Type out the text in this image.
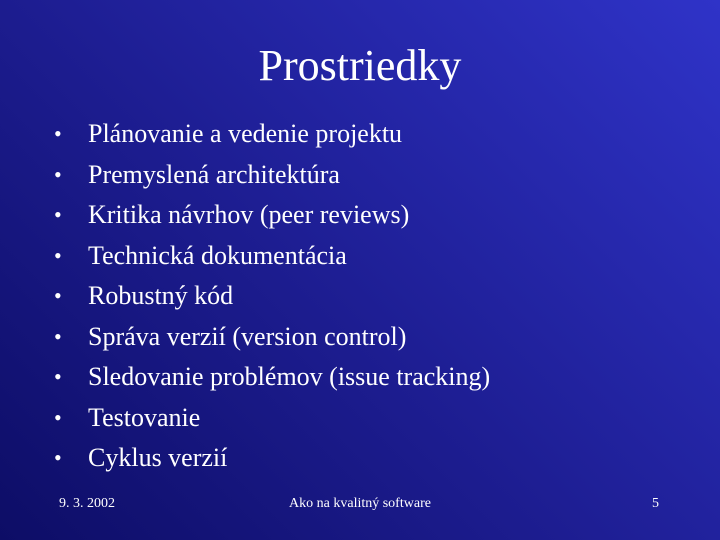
Prostriedky
•	Plánovanie a vedenie projektu
•	Premyslená architektúra
•	Kritika návrhov (peer reviews)
•	Technická dokumentácia
•	Robustný kód
•	Správa verzií (version control)
•	Sledovanie problémov (issue tracking)
•	Testovanie
•	Cyklus verzií
9. 3. 2002	Ako na kvalitný software	5
